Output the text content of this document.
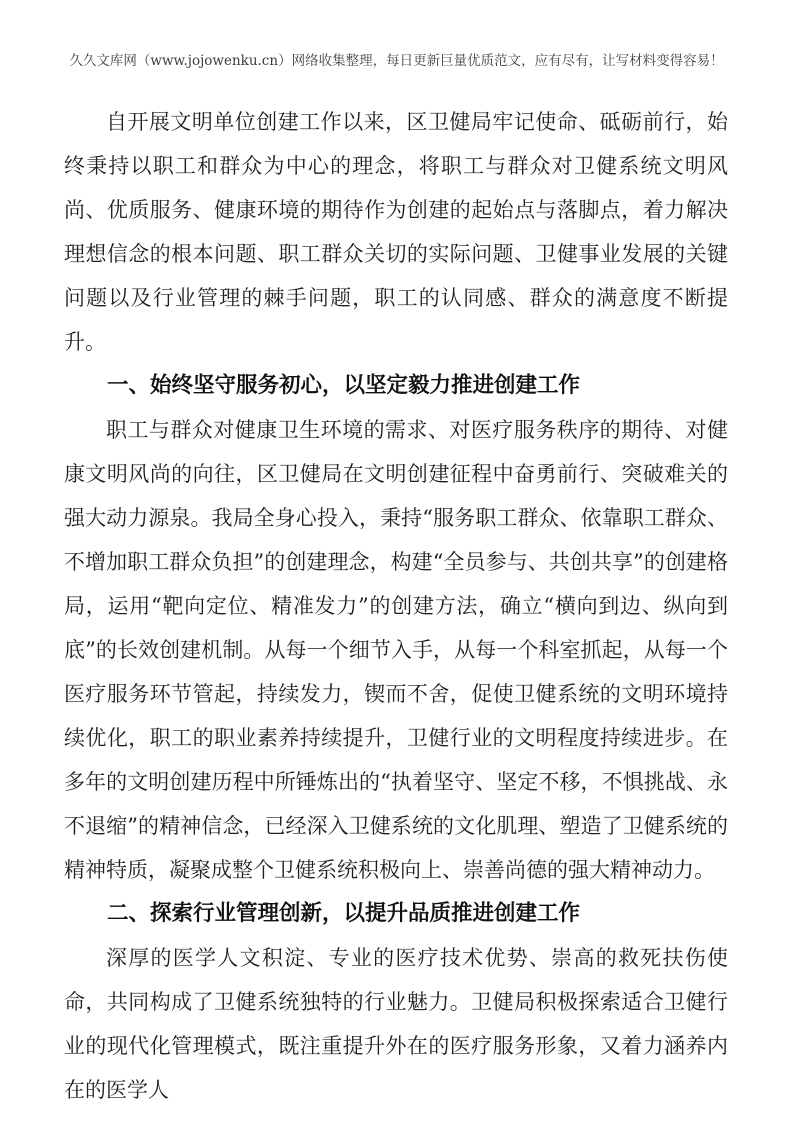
久久文库网（www.jojowenku.cn）网络收集整理，每日更新巨量优质范文，应有尽有，让写材料变得容易！

自开展文明单位创建工作以来，区卫健局牢记使命、砥砺前行，始终秉持以职工和群众为中心的理念，将职工与群众对卫健系统文明风尚、优质服务、健康环境的期待作为创建的起始点与落脚点，着力解决理想信念的根本问题、职工群众关切的实际问题、卫健事业发展的关键问题以及行业管理的棘手问题，职工的认同感、群众的满意度不断提升。

一、始终坚守服务初心，以坚定毅力推进创建工作

职工与群众对健康卫生环境的需求、对医疗服务秩序的期待、对健康文明风尚的向往，区卫健局在文明创建征程中奋勇前行、突破难关的强大动力源泉。我局全身心投入，秉持“服务职工群众、依靠职工群众、不增加职工群众负担”的创建理念，构建“全员参与、共创共享”的创建格局，运用“靶向定位、精准发力”的创建方法，确立“横向到边、纵向到底”的长效创建机制。从每一个细节入手，从每一个科室抓起，从每一个医疗服务环节管起，持续发力，锲而不舍，促使卫健系统的文明环境持续优化，职工的职业素养持续提升，卫健行业的文明程度持续进步。在多年的文明创建历程中所锤炼出的“执着坚守、坚定不移，不惧挑战、永不退缩”的精神信念，已经深入卫健系统的文化肌理、塑造了卫健系统的精神特质，凝聚成整个卫健系统积极向上、崇善尚德的强大精神动力。

二、探索行业管理创新，以提升品质推进创建工作

深厚的医学人文积淀、专业的医疗技术优势、崇高的救死扶伤使命，共同构成了卫健系统独特的行业魅力。卫健局积极探索适合卫健行业的现代化管理模式，既注重提升外在的医疗服务形象，又着力涵养内在的医学人
